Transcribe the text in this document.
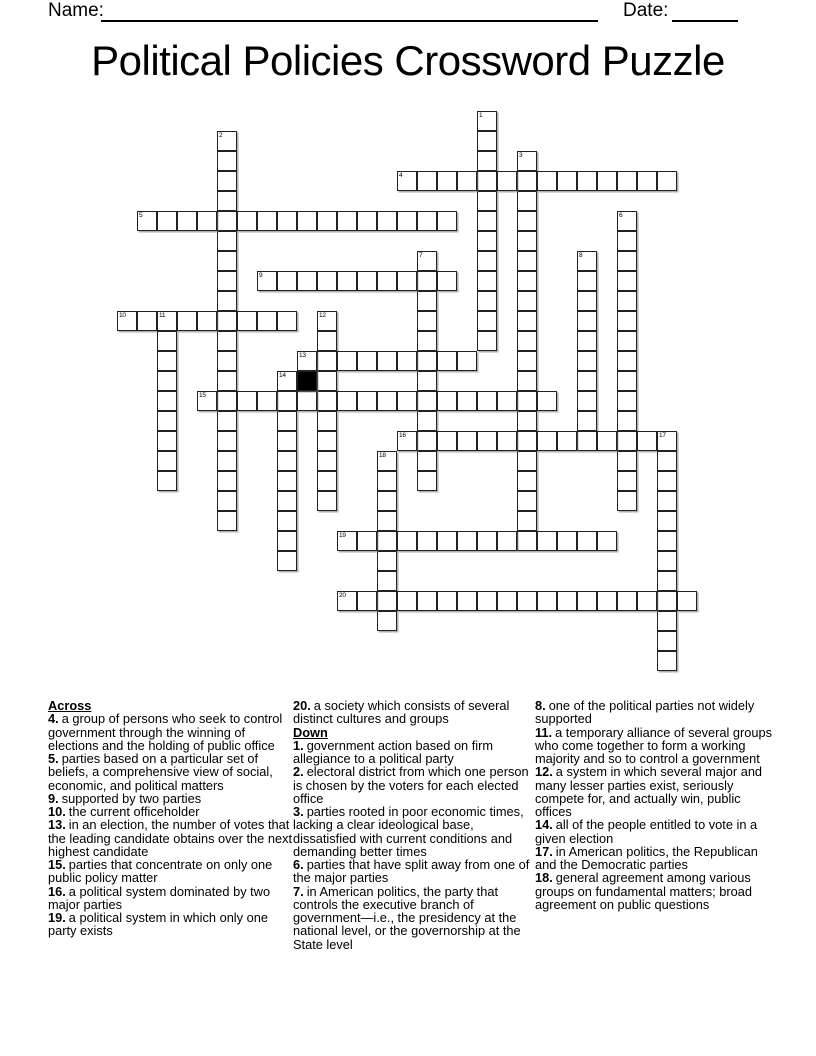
Name:	Date:
Political Policies Crossword Puzzle
1
2
3
4
5	6
7	8
9
10	11	12
13
14
15
16	17
18
19
20
Across
4. a group of persons who seek to control government through the winning of elections and the holding of public office
5. parties based on a particular set of beliefs, a comprehensive view of social, economic, and political matters
9. supported by two parties
10. the current officeholder
13. in an election, the number of votes that the leading candidate obtains over the next highest candidate
15. parties that concentrate on only one public policy matter
16. a political system dominated by two major parties
19. a political system in which only one party exists
20. a society which consists of several distinct cultures and groups
Down
1. government action based on firm allegiance to a political party
2. electoral district from which one person is chosen by the voters for each elected office
3. parties rooted in poor economic times, lacking a clear ideological base, dissatisfied with current conditions and demanding better times
6. parties that have split away from one of the major parties
7. in American politics, the party that controls the executive branch of government—i.e., the presidency at the national level, or the governorship at the State level
8. one of the political parties not widely supported
11. a temporary alliance of several groups who come together to form a working majority and so to control a government
12. a system in which several major and many lesser parties exist, seriously compete for, and actually win, public offices
14. all of the people entitled to vote in a given election
17. in American politics, the Republican and the Democratic parties
18. general agreement among various groups on fundamental matters; broad agreement on public questions
